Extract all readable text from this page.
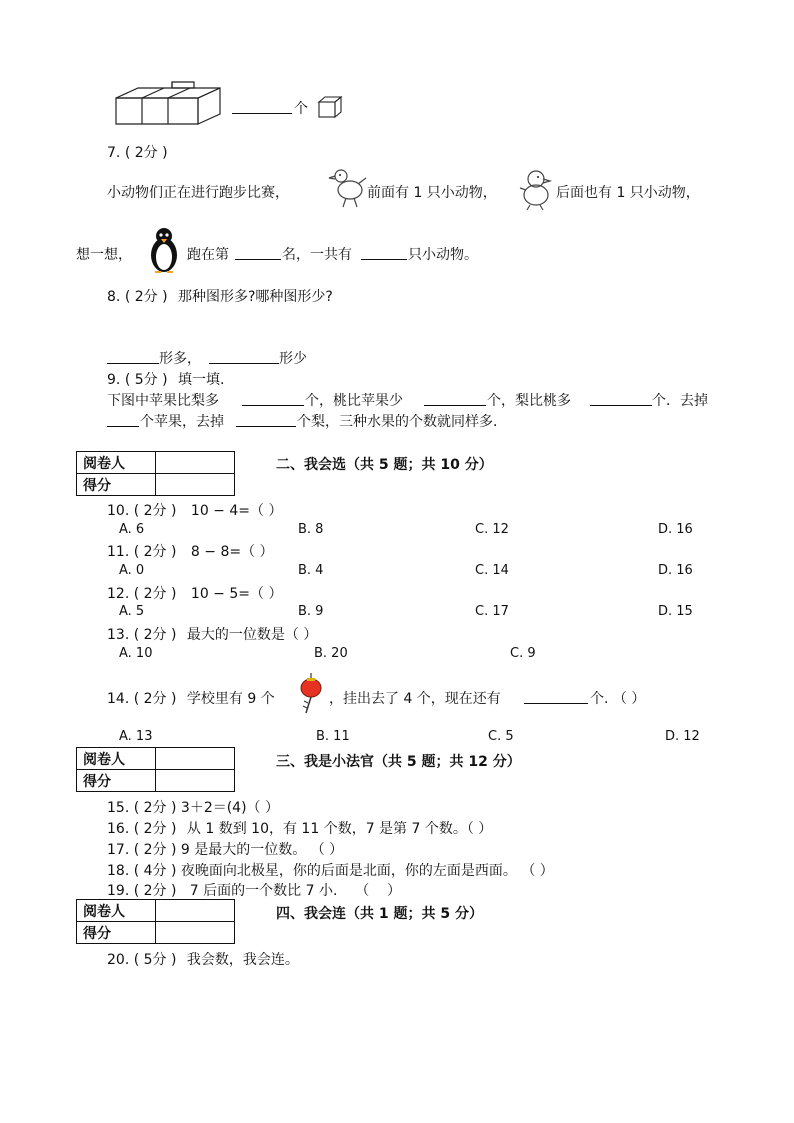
个
7. ( 2分 )
小动物们正在进行跑步比赛，	前面有 1 只小动物，	后面也有 1 只小动物，
想一想，	跑在第	名，一共有	只小动物。
8. ( 2分 ) 那种图形多?哪种图形少?
形多，	形少
9. ( 5分 ) 填一填.
下图中苹果比梨多	个，桃比苹果少	个，梨比桃多	个．去掉
个苹果，去掉	个梨，三种水果的个数就同样多．
阅卷人	
得分	
二、我会选（共 5 题；共 10 分）
10. ( 2分 ) 10 − 4=（ ）
A. 6	B. 8	C. 12	D. 16
11. ( 2分 ) 8 − 8=（ ）
A. 0	B. 4	C. 14	D. 16
12. ( 2分 ) 10 − 5=（ ）
A. 5	B. 9	C. 17	D. 15
13. ( 2分 ) 最大的一位数是（ ）
A. 10	B. 20	C. 9
14. ( 2分 ) 学校里有 9 个	，挂出去了 4 个，现在还有	个. （ ）
A. 13	B. 11	C. 5	D. 12
阅卷人	
得分	
三、我是小法官（共 5 题；共 12 分）
15. ( 2分 ) 3＋2＝(4)（ ）
16. ( 2分 ) 从 1 数到 10，有 11 个数，7 是第 7 个数。（ ）
17. ( 2分 ) 9 是最大的一位数。 （ ）
18. ( 4分 ) 夜晚面向北极星，你的后面是北面，你的左面是西面。 （ ）
19. ( 2分 )   7 后面的一个数比 7 小.    （    ）
阅卷人	
得分	
四、我会连（共 1 题；共 5 分）
20. ( 5分 ) 我会数，我会连。
